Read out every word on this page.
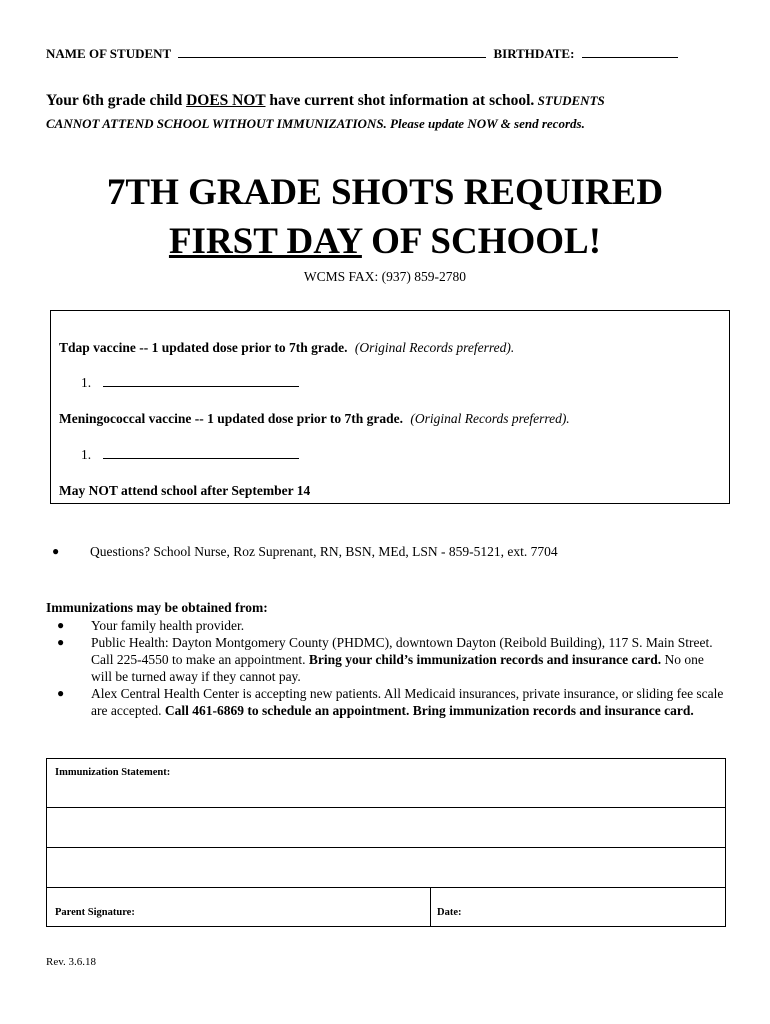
NAME OF STUDENT	BIRTHDATE:
Your 6th grade child DOES NOT have current shot information at school. STUDENTS
CANNOT ATTEND SCHOOL WITHOUT IMMUNIZATIONS. Please update NOW & send records.
7TH GRADE SHOTS REQUIRED
FIRST DAY OF SCHOOL!
WCMS FAX: (937) 859-2780
Tdap vaccine -- 1 updated dose prior to 7th grade. (Original Records preferred).
1.
Meningococcal vaccine -- 1 updated dose prior to 7th grade. (Original Records preferred).
1.
May NOT attend school after September 14
● Questions? School Nurse, Roz Suprenant, RN, BSN, MEd, LSN - 859-5121, ext. 7704
Immunizations may be obtained from:
● Your family health provider.
● Public Health: Dayton Montgomery County (PHDMC), downtown Dayton (Reibold Building), 117 S. Main Street. Call 225-4550 to make an appointment. Bring your child’s immunization records and insurance card. No one will be turned away if they cannot pay.
● Alex Central Health Center is accepting new patients. All Medicaid insurances, private insurance, or sliding fee scale are accepted. Call 461-6869 to schedule an appointment. Bring immunization records and insurance card.
Immunization Statement:
Parent Signature:	Date:
Rev. 3.6.18
